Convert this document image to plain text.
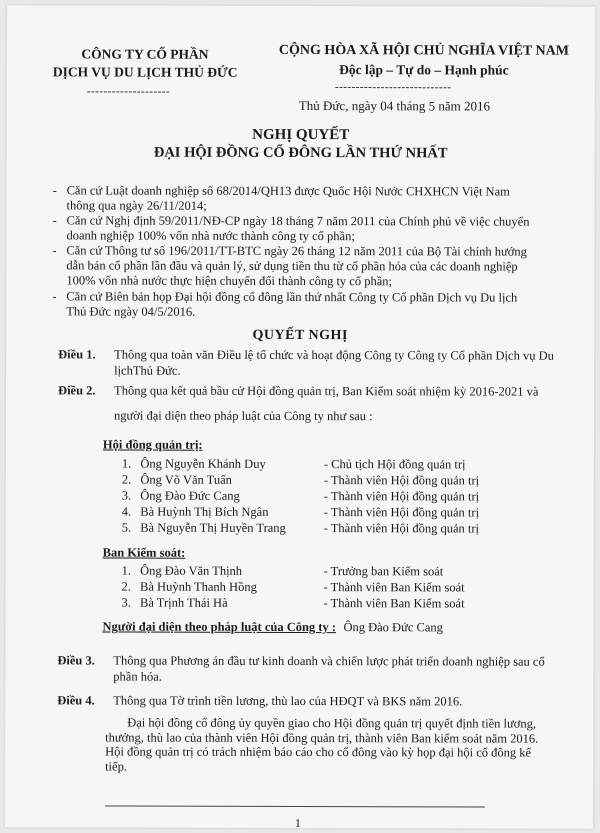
CÔNG TY CỔ PHẦN
DỊCH VỤ DU LỊCH THỦ ĐỨC
--------------------
CỘNG HÒA XÃ HỘI CHỦ NGHĨA VIỆT NAM
Độc lập – Tự do – Hạnh phúc
----------------------------
Thủ Đức, ngày 04 tháng 5 năm 2016
NGHỊ QUYẾT
ĐẠI HỘI ĐỒNG CỔ ĐÔNG LẦN THỨ NHẤT
- Căn cứ Luật doanh nghiệp số 68/2014/QH13 được Quốc Hội Nước CHXHCN Việt Nam
thông qua ngày 26/11/2014;
- Căn cứ Nghị định 59/2011/NĐ-CP ngày 18 tháng 7 năm 2011 của Chính phủ về việc chuyển
doanh nghiệp 100% vốn nhà nước thành công ty cổ phần;
- Căn cứ Thông tư số 196/2011/TT-BTC ngày 26 tháng 12 năm 2011 của Bộ Tài chính hướng
dẫn bán cổ phần lần đầu và quản lý, sử dụng tiền thu từ cổ phần hóa của các doanh nghiệp
100% vốn nhà nước thực hiện chuyển đổi thành công ty cổ phần;
- Căn cứ Biên bản họp Đại hội đồng cổ đông lần thứ nhất Công ty Cổ phần Dịch vụ Du lịch
Thủ Đức ngày 04/5/2016.
QUYẾT NGHỊ
Điều 1. Thông qua toàn văn Điều lệ tổ chức và hoạt động Công ty Công ty Cổ phần Dịch vụ Du
lịchThủ Đức.
Điều 2. Thông qua kết quả bầu cử Hội đồng quản trị, Ban Kiểm soát nhiệm kỳ 2016-2021 và
người đại diện theo pháp luật của Công ty như sau :
Hội đồng quản trị:
1. Ông Nguyễn Khánh Duy	- Chủ tịch Hội đồng quản trị
2. Ông Võ Văn Tuấn	- Thành viên Hội đồng quản trị
3. Ông Đào Đức Cang	- Thành viên Hội đồng quản trị
4. Bà Huỳnh Thị Bích Ngân	- Thành viên Hội đồng quản trị
5. Bà Nguyễn Thị Huyền Trang	- Thành viên Hội đồng quản trị
Ban Kiểm soát:
1. Ông Đào Văn Thịnh	- Trưởng ban Kiểm soát
2. Bà Huỳnh Thanh Hồng	- Thành viên Ban Kiểm soát
3. Bà Trịnh Thái Hà	- Thành viên Ban Kiểm soát
Người đại diện theo pháp luật của Công ty : Ông Đào Đức Cang
Điều 3. Thông qua Phương án đầu tư kinh doanh và chiến lược phát triển doanh nghiệp sau cổ
phần hóa.
Điều 4. Thông qua Tờ trình tiền lương, thù lao của HĐQT và BKS năm 2016.
Đại hội đồng cổ đông ủy quyền giao cho Hội đồng quản trị quyết định tiền lương,
thưởng, thù lao của thành viên Hội đồng quản trị, thành viên Ban kiểm soát năm 2016.
Hội đồng quản trị có trách nhiệm báo cáo cho cổ đông vào kỳ họp đại hội cổ đông kế
tiếp.
1
